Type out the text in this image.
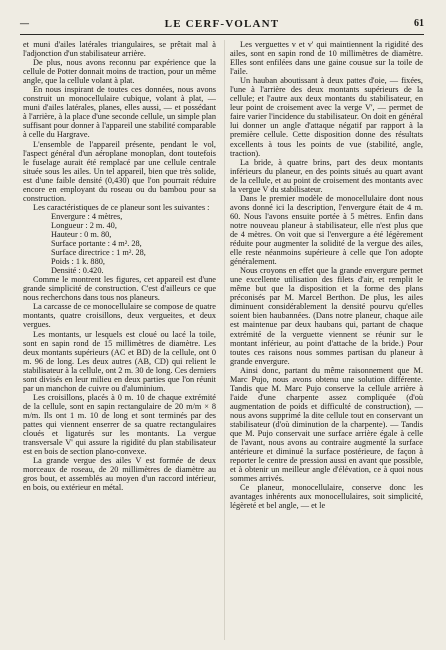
—	LE CERF-VOLANT	61

et muni d'ailes latérales triangulaires, se prêtait mal à l'adjonction d'un stabilisateur arrière.

De plus, nous avons reconnu par expérience que la cellule de Potter donnait moins de traction, pour un même angle, que la cellule volant à plat.

En nous inspirant de toutes ces données, nous avons construit un monocellulaire cubique, volant à plat, — muni d'ailes latérales, planes, elles aussi, — et possédant à l'arrière, à la place d'une seconde cellule, un simple plan suffisant pour donner à l'appareil une stabilité comparable à celle du Hargrave.

L'ensemble de l'appareil présente, pendant le vol, l'aspect général d'un aéroplane monoplan, dont toutefois le fuselage aurait été remplacé par une cellule centrale située sous les ailes. Un tel appareil, bien que très solide, est d'une faible densité (0,430) que l'on pourrait réduire encore en employant du roseau ou du bambou pour sa construction.

Les caractéristiques de ce planeur sont les suivantes :

Envergure : 4 mètres,

Longueur : 2 m. 40,

Hauteur : 0 m. 80,

Surface portante : 4 m². 28,

Surface directrice : 1 m². 28,

Poids : 1 k. 880,

Densité : 0.420.

Comme le montrent les figures, cet appareil est d'une grande simplicité de construction. C'est d'ailleurs ce que nous recherchons dans tous nos planeurs.

La carcasse de ce monocellulaire se compose de quatre montants, quatre croisillons, deux vergueites, et deux vergues.

Les montants, ur lesquels est cloué ou lacé la toile, sont en sapin rond de 15 millimètres de diamètre. Les deux montants supérieurs (AC et BD) de la cellule, ont 0 m. 96 de long. Les deux autres (AB, CD) qui relient le stabilisateur à la cellule, ont 2 m. 30 de long. Ces derniers sont divisés en leur milieu en deux parties que l'on réunit par un manchon de cuivre ou d'aluminium.

Les croisillons, placés à 0 m. 10 de chaque extrémité de la cellule, sont en sapin rectangulaire de 20 m/m × 8 m/m. Ils ont 1 m. 10 de long et sont terminés par des pattes qui viennent enserrer de sa quatre rectangulaires cloués et ligaturés sur les montants. La vergue transversale V' qui assure la rigidité du plan stabilisateur est en bois de section plano-convexe.

La grande vergue des ailes V est formée de deux morceaux de roseau, de 20 millimètres de diamètre au gros bout, et assemblés au moyen d'un raccord intérieur, en bois, ou extérieur en métal.

Les verguettes v et v' qui maintiennent la rigidité des ailes, sont en sapin rond de 10 millimètres de diamètre. Elles sont enfilées dans une gaine cousue sur la toile de l'aile.

Un hauban aboutissant à deux pattes d'oie, — fixées, l'une à l'arrière des deux montants supérieurs de la cellule; et l'autre aux deux montants du stabilisateur, en leur point de croisement avec la verge V', — permet de faire varier l'incidence du stabilisateur. On doit en général lui donner un angle d'attaque négatif par rapport à la première cellule. Cette disposition donne des résultats excellents à tous les points de vue (stabilité, angle, traction).

La bride, à quatre brins, part des deux montants inférieurs du planeur, en des points situés au quart avant de la cellule, et au point de croisement des montants avec la vergue V du stabilisateur.

Dans le premier modèle de monocellulaire dont nous avons donné ici la description, l'envergure était de 4 m. 60. Nous l'avons ensuite portée à 5 mètres. Enfin dans notre nouveau planeur à stabilisateur, elle n'est plus que de 4 mètres. On voit que si l'envergure a été légèrement réduite pour augmenter la solidité de la vergue des ailes, elle reste néanmoins supérieure à celle que l'on adopte généralement.

Nous croyons en effet que la grande envergure permet une excellente utilisation des filets d'air, et remplit le même but que la disposition et la forme des plans préconisés par M. Marcel Berthon. De plus, les ailes diminuent considérablement la densité pourvu qu'elles soient bien haubannées. (Dans notre planeur, chaque aile est maintenue par deux haubans qui, partant de chaque extrémité de la verguette viennent se réunir sur le montant inférieur, au point d'attache de la bride.) Pour toutes ces raisons nous sommes partisan du planeur à grande envergure.

Ainsi donc, partant du même raisonnement que M. Marc Pujo, nous avons obtenu une solution différente. Tandis que M. Marc Pujo conserve la cellule arrière à l'aide d'une charpente assez compliquée (d'où augmentation de poids et difficulté de construction), — nous avons supprimé la dite cellule tout en conservant un stabilisateur (d'où diminution de la charpente). — Tandis que M. Pujo conservait une surface arrière égale à celle de l'avant, nous avons au contraire augmenté la surface antérieure et diminué la surface postérieure, de façon à reporter le centre de pression aussi en avant que possible, et à obtenir un meilleur angle d'élévation, ce à quoi nous sommes arrivés.

Ce planeur, monocellulaire, conserve donc les avantages inhérents aux monocellulaires, soit simplicité, légèreté et bel angle, — et le
